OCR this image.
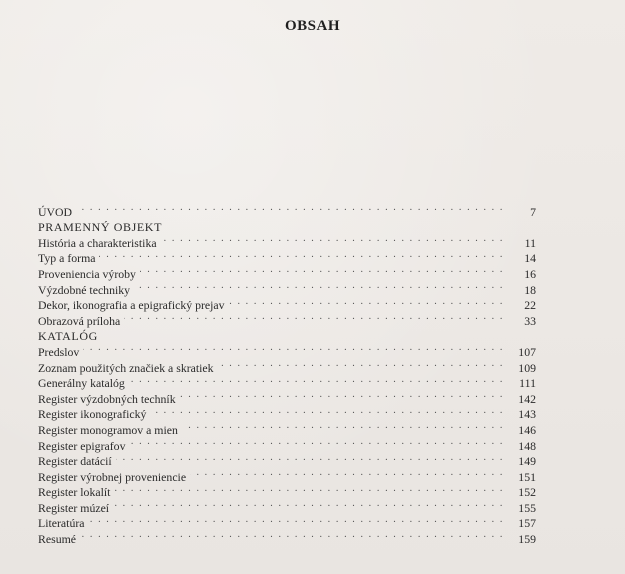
OBSAH
ÚVOD . . .	7
PRAMENNÝ OBJEKT
História a charakteristika . . .	11
Typ a forma . . .	14
Proveniencia výroby . . .	16
Výzdobné techniky . . .	18
Dekor, ikonografia a epigrafický prejav . . .	22
Obrazová príloha . . .	33
KATALÓG
Predslov . . .	107
Zoznam použitých značiek a skratiek . . .	109
Generálny katalóg . . .	111
Register výzdobných techník . . .	142
Register ikonografický . . .	143
Register monogramov a mien . . .	146
Register epigrafov . . .	148
Register datácií . . .	149
Register výrobnej proveniencie . . .	151
Register lokalít . . .	152
Register múzeí . . .	155
Literatúra . . .	157
Resumé . . .	159
